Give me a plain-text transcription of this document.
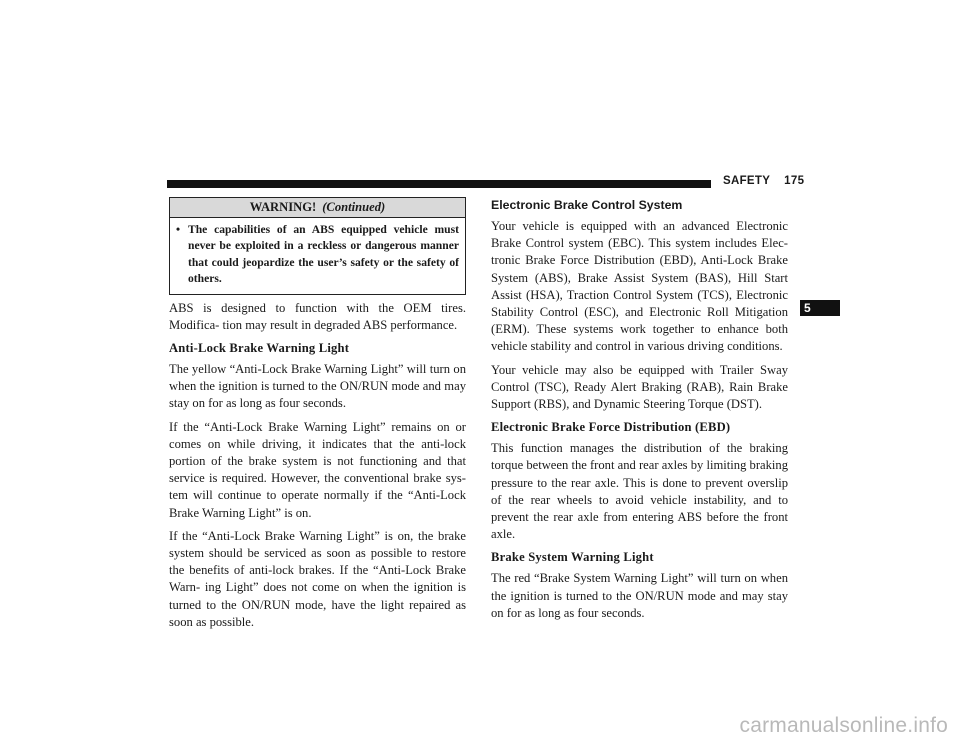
SAFETY 175
WARNING! (Continued)
• The capabilities of an ABS equipped vehicle must never be exploited in a reckless or dangerous manner that could jeopardize the user’s safety or the safety of others.

ABS is designed to function with the OEM tires. Modifica- tion may result in degraded ABS performance.

Anti-Lock Brake Warning Light

The yellow “Anti-Lock Brake Warning Light” will turn on when the ignition is turned to the ON/RUN mode and may stay on for as long as four seconds.

If the “Anti-Lock Brake Warning Light” remains on or comes on while driving, it indicates that the anti-lock portion of the brake system is not functioning and that service is required. However, the conventional brake sys- tem will continue to operate normally if the “Anti-Lock Brake Warning Light” is on.

If the “Anti-Lock Brake Warning Light” is on, the brake system should be serviced as soon as possible to restore the benefits of anti-lock brakes. If the “Anti-Lock Brake Warn- ing Light” does not come on when the ignition is turned to the ON/RUN mode, have the light repaired as soon as possible.

Electronic Brake Control System

Your vehicle is equipped with an advanced Electronic Brake Control system (EBC). This system includes Elec- tronic Brake Force Distribution (EBD), Anti-Lock Brake System (ABS), Brake Assist System (BAS), Hill Start Assist (HSA), Traction Control System (TCS), Electronic Stability Control (ESC), and Electronic Roll Mitigation (ERM). These systems work together to enhance both vehicle stability and control in various driving conditions.

Your vehicle may also be equipped with Trailer Sway Control (TSC), Ready Alert Braking (RAB), Rain Brake Support (RBS), and Dynamic Steering Torque (DST).

Electronic Brake Force Distribution (EBD)

This function manages the distribution of the braking torque between the front and rear axles by limiting braking pressure to the rear axle. This is done to prevent overslip of the rear wheels to avoid vehicle instability, and to prevent the rear axle from entering ABS before the front axle.

Brake System Warning Light

The red “Brake System Warning Light” will turn on when the ignition is turned to the ON/RUN mode and may stay on for as long as four seconds.

5
carmanualsonline.info
